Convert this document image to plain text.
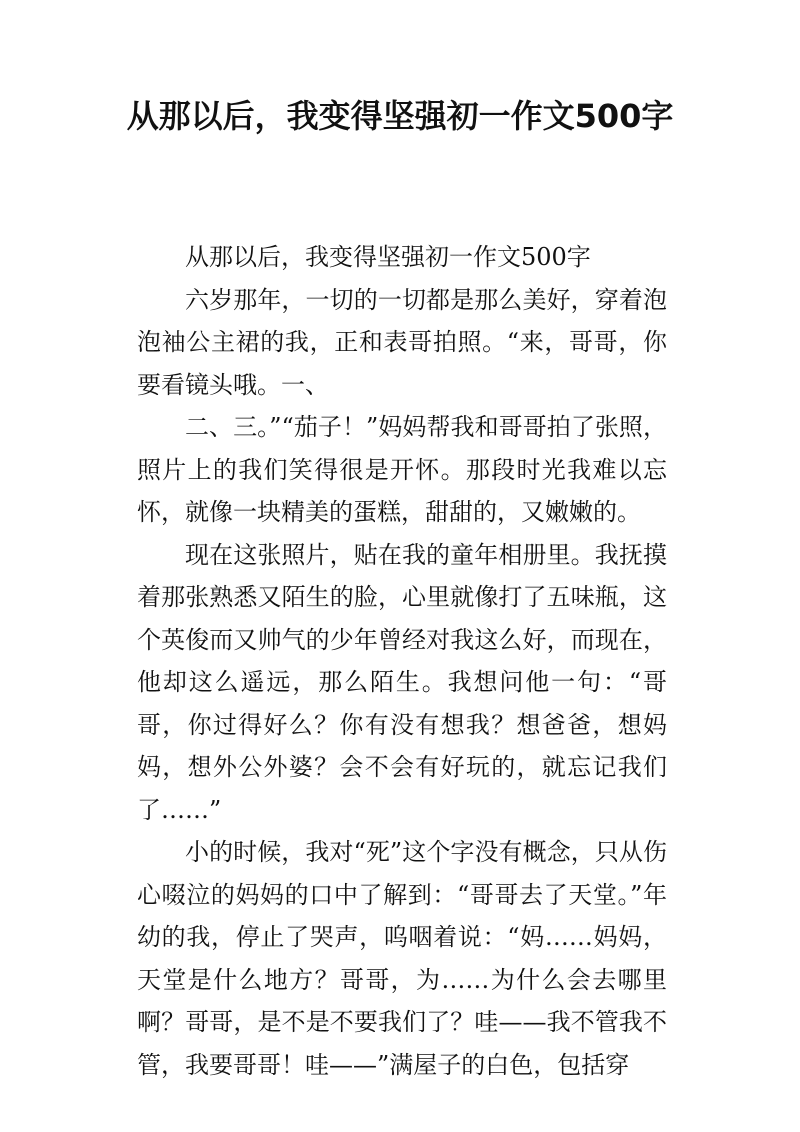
从那以后，我变得坚强初一作文500字

从那以后，我变得坚强初一作文500字

六岁那年，一切的一切都是那么美好，穿着泡泡袖公主裙的我，正和表哥拍照。“来，哥哥，你要看镜头哦。一、

二、三。”“茄子！”妈妈帮我和哥哥拍了张照，照片上的我们笑得很是开怀。那段时光我难以忘怀，就像一块精美的蛋糕，甜甜的，又嫩嫩的。

现在这张照片，贴在我的童年相册里。我抚摸着那张熟悉又陌生的脸，心里就像打了五味瓶，这个英俊而又帅气的少年曾经对我这么好，而现在，他却这么遥远，那么陌生。我想问他一句：“哥哥，你过得好么？你有没有想我？想爸爸，想妈妈，想外公外婆？会不会有好玩的，就忘记我们了……”

小的时候，我对“死”这个字没有概念，只从伤心啜泣的妈妈的口中了解到：“哥哥去了天堂。”年幼的我，停止了哭声，呜咽着说：“妈……妈妈，天堂是什么地方？哥哥，为……为什么会去哪里啊？哥哥，是不是不要我们了？哇——我不管我不管，我要哥哥！哇——”满屋子的白色，包括穿
